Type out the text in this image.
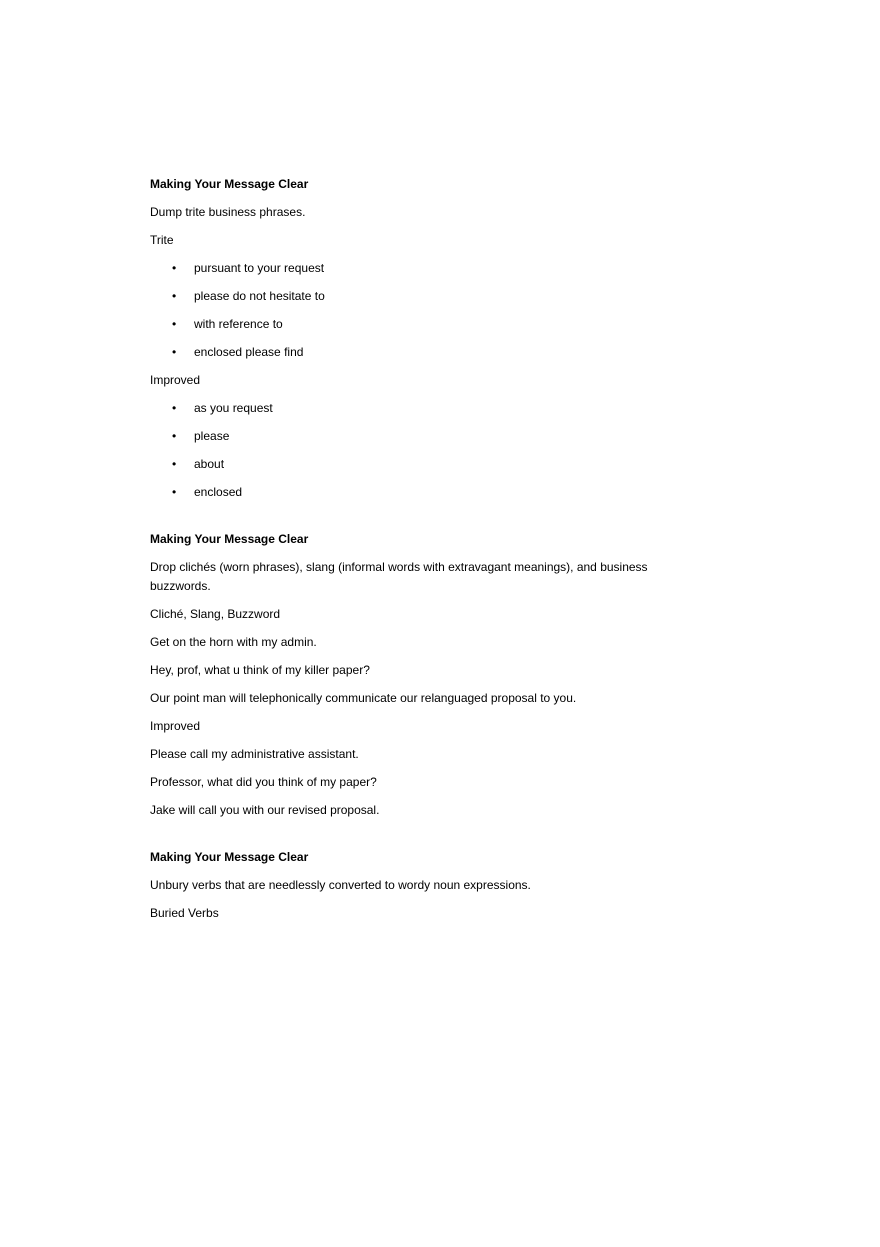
Making Your Message Clear

Dump trite business phrases.

Trite

• pursuant to your request
• please do not hesitate to
• with reference to
• enclosed please find

Improved

• as you request
• please
• about
• enclosed

Making Your Message Clear

Drop clichés (worn phrases), slang (informal words with extravagant meanings), and business buzzwords.

Cliché, Slang, Buzzword

Get on the horn with my admin.

Hey, prof, what u think of my killer paper?

Our point man will telephonically communicate our relanguaged proposal to you.

Improved

Please call my administrative assistant.

Professor, what did you think of my paper?

Jake will call you with our revised proposal.

Making Your Message Clear

Unbury verbs that are needlessly converted to wordy noun expressions.

Buried Verbs
